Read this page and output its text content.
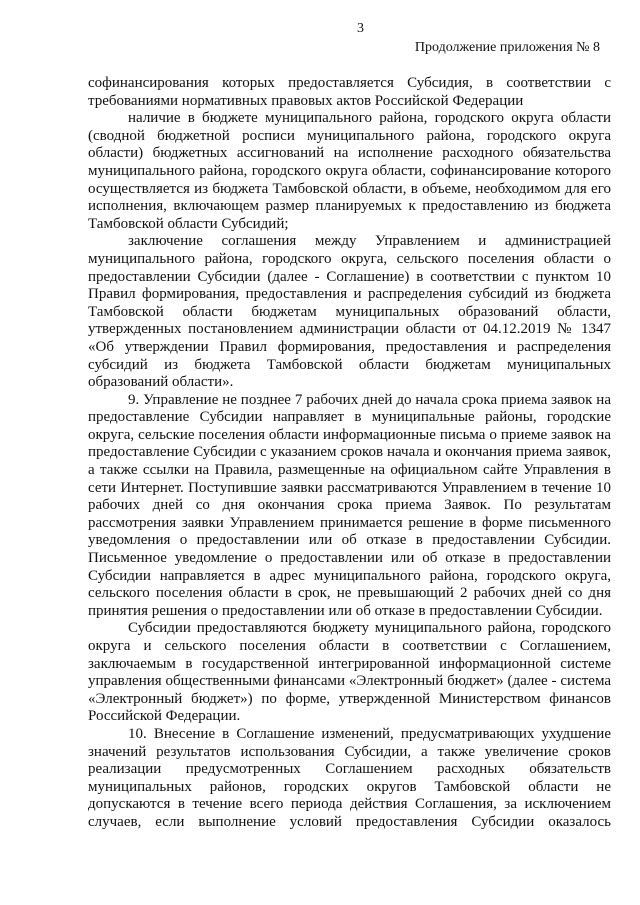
3
Продолжение приложения № 8

софинансирования которых предоставляется Субсидия, в соответствии с требованиями нормативных правовых актов Российской Федерации

наличие в бюджете муниципального района, городского округа области (сводной бюджетной росписи муниципального района, городского округа области) бюджетных ассигнований на исполнение расходного обязательства муниципального района, городского округа области, софинансирование которого осуществляется из бюджета Тамбовской области, в объеме, необходимом для его исполнения, включающем размер планируемых к предоставлению из бюджета Тамбовской области Субсидий;

заключение соглашения между Управлением и администрацией муниципального района, городского округа, сельского поселения области о предоставлении Субсидии (далее - Соглашение) в соответствии с пунктом 10 Правил формирования, предоставления и распределения субсидий из бюджета Тамбовской области бюджетам муниципальных образований области, утвержденных постановлением администрации области от 04.12.2019 № 1347 «Об утверждении Правил формирования, предоставления и распределения субсидий из бюджета Тамбовской области бюджетам муниципальных образований области».

9. Управление не позднее 7 рабочих дней до начала срока приема заявок на предоставление Субсидии направляет в муниципальные районы, городские округа, сельские поселения области информационные письма о приеме заявок на предоставление Субсидии с указанием сроков начала и окончания приема заявок, а также ссылки на Правила, размещенные на официальном сайте Управления в сети Интернет. Поступившие заявки рассматриваются Управлением в течение 10 рабочих дней со дня окончания срока приема Заявок. По результатам рассмотрения заявки Управлением принимается решение в форме письменного уведомления о предоставлении или об отказе в предоставлении Субсидии. Письменное уведомление о предоставлении или об отказе в предоставлении Субсидии направляется в адрес муниципального района, городского округа, сельского поселения области в срок, не превышающий 2 рабочих дней со дня принятия решения о предоставлении или об отказе в предоставлении Субсидии.

Субсидии предоставляются бюджету муниципального района, городского округа и сельского поселения области в соответствии с Соглашением, заключаемым в государственной интегрированной информационной системе управления общественными финансами «Электронный бюджет» (далее - система «Электронный бюджет») по форме, утвержденной Министерством финансов Российской Федерации.

10. Внесение в Соглашение изменений, предусматривающих ухудшение значений результатов использования Субсидии, а также увеличение сроков реализации предусмотренных Соглашением расходных обязательств муниципальных районов, городских округов Тамбовской области не допускаются в течение всего периода действия Соглашения, за исключением случаев, если выполнение условий предоставления Субсидии оказалось
